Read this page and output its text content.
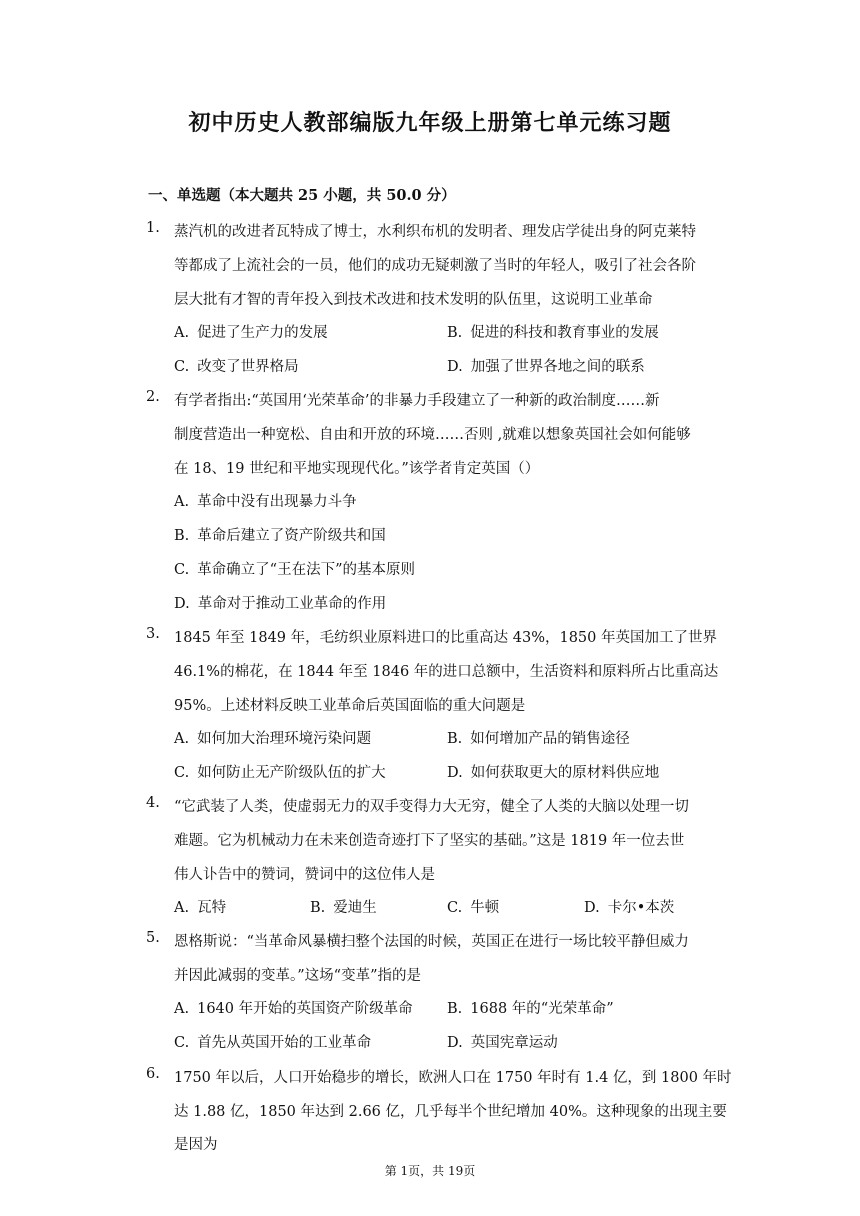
初中历史人教部编版九年级上册第七单元练习题
一、单选题（本大题共 25 小题，共 50.0 分）
1. 蒸汽机的改进者瓦特成了博士，水利织布机的发明者、理发店学徒出身的阿克莱特
等都成了上流社会的一员，他们的成功无疑刺激了当时的年轻人，吸引了社会各阶
层大批有才智的青年投入到技术改进和技术发明的队伍里，这说明工业革命
A. 促进了生产力的发展	B. 促进的科技和教育事业的发展
C. 改变了世界格局	D. 加强了世界各地之间的联系
2. 有学者指出:“英国用‘光荣革命’的非暴力手段建立了一种新的政治制度……新
制度营造出一种宽松、自由和开放的环境……否则 ,就难以想象英国社会如何能够
在 18、19 世纪和平地实现现代化。”该学者肯定英国（）
A. 革命中没有出现暴力斗争
B. 革命后建立了资产阶级共和国
C. 革命确立了“王在法下”的基本原则
D. 革命对于推动工业革命的作用
3. 1845 年至 1849 年，毛纺织业原料进口的比重高达 43%，1850 年英国加工了世界
46.1%的棉花，在 1844 年至 1846 年的进口总额中，生活资料和原料所占比重高达
95%。上述材料反映工业革命后英国面临的重大问题是
A. 如何加大治理环境污染问题	B. 如何增加产品的销售途径
C. 如何防止无产阶级队伍的扩大	D. 如何获取更大的原材料供应地
4. “它武装了人类，使虚弱无力的双手变得力大无穷，健全了人类的大脑以处理一切
难题。它为机械动力在未来创造奇迹打下了坚实的基础。”这是 1819 年一位去世
伟人讣告中的赞词，赞词中的这位伟人是
A. 瓦特	B. 爱迪生	C. 牛顿	D. 卡尔•本茨
5. 恩格斯说：“当革命风暴横扫整个法国的时候，英国正在进行一场比较平静但威力
并因此减弱的变革。”这场“变革”指的是
A. 1640 年开始的英国资产阶级革命 B. 1688 年的“光荣革命”
C. 首先从英国开始的工业革命	D. 英国宪章运动
6. 1750 年以后，人口开始稳步的增长，欧洲人口在 1750 年时有 1.4 亿，到 1800 年时
达 1.88 亿，1850 年达到 2.66 亿，几乎每半个世纪增加 40%。这种现象的出现主要
是因为
第 1页，共 19页
